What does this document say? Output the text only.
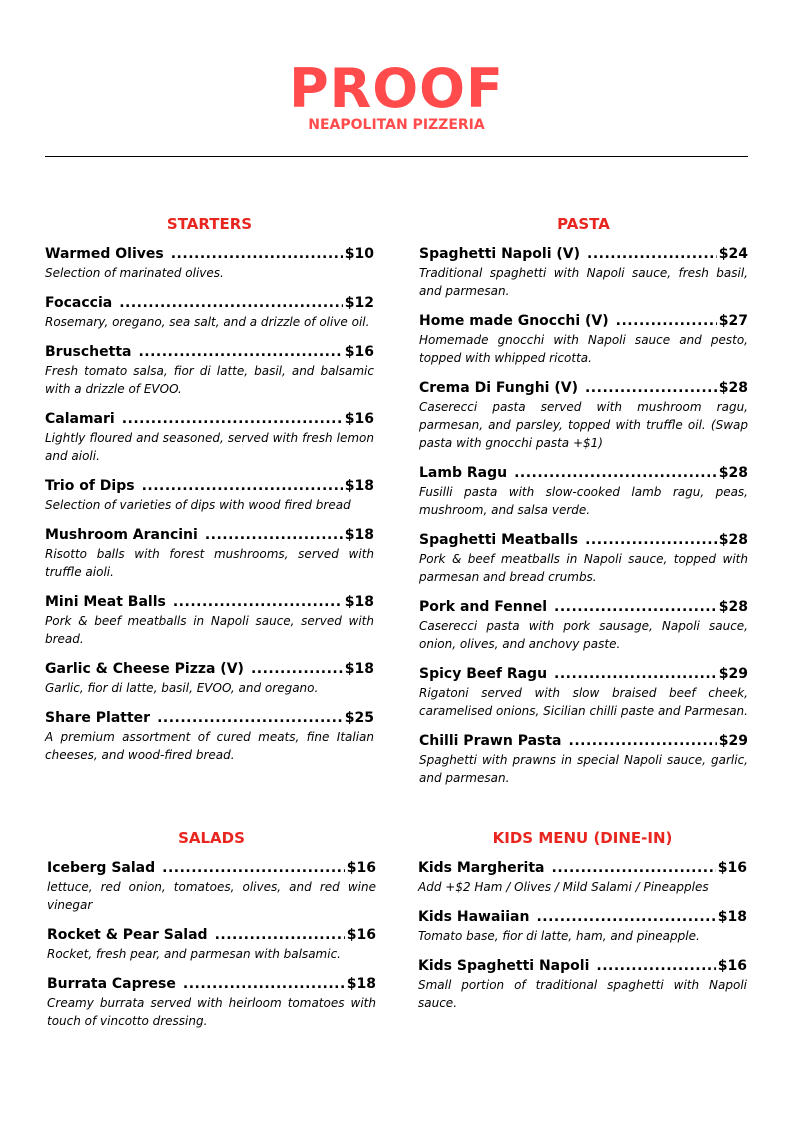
PROOF
NEAPOLITAN PIZZERIA
STARTERS
Warmed Olives .....	$10
Selection of marinated olives.
Focaccia .....	$12
Rosemary, oregano, sea salt, and a drizzle of olive oil.
Bruschetta .....	$16
Fresh tomato salsa, fior di latte, basil, and balsamic with a drizzle of EVOO.
Calamari .....	$16
Lightly floured and seasoned, served with fresh lemon and aioli.
Trio of Dips .....	$18
Selection of varieties of dips with wood fired bread
Mushroom Arancini .....	$18
Risotto balls with forest mushrooms, served with truffle aioli.
Mini Meat Balls .....	$18
Pork & beef meatballs in Napoli sauce, served with bread.
Garlic & Cheese Pizza (V) .....	$18
Garlic, fior di latte, basil, EVOO, and oregano.
Share Platter .....	$25
A premium assortment of cured meats, fine Italian cheeses, and wood-fired bread.
PASTA
Spaghetti Napoli (V) .....	$24
Traditional spaghetti with Napoli sauce, fresh basil, and parmesan.
Home made Gnocchi (V) .....	$27
Homemade gnocchi with Napoli sauce and pesto, topped with whipped ricotta.
Crema Di Funghi (V) .....	$28
Caserecci pasta served with mushroom ragu, parmesan, and parsley, topped with truffle oil. (Swap pasta with gnocchi pasta +$1)
Lamb Ragu .....	$28
Fusilli pasta with slow-cooked lamb ragu, peas, mushroom, and salsa verde.
Spaghetti Meatballs .....	$28
Pork & beef meatballs in Napoli sauce, topped with parmesan and bread crumbs.
Pork and Fennel .....	$28
Caserecci pasta with pork sausage, Napoli sauce, onion, olives, and anchovy paste.
Spicy Beef Ragu .....	$29
Rigatoni served with slow braised beef cheek, caramelised onions, Sicilian chilli paste and Parmesan.
Chilli Prawn Pasta .....	$29
Spaghetti with prawns in special Napoli sauce, garlic, and parmesan.
SALADS
Iceberg Salad .....	$16
lettuce, red onion, tomatoes, olives, and red wine vinegar
Rocket & Pear Salad .....	$16
Rocket, fresh pear, and parmesan with balsamic.
Burrata Caprese .....	$18
Creamy burrata served with heirloom tomatoes with touch of vincotto dressing.
KIDS MENU (DINE-IN)
Kids Margherita .....	$16
Add +$2 Ham / Olives / Mild Salami / Pineapples
Kids Hawaiian .....	$18
Tomato base, fior di latte, ham, and pineapple.
Kids Spaghetti Napoli .....	$16
Small portion of traditional spaghetti with Napoli sauce.
